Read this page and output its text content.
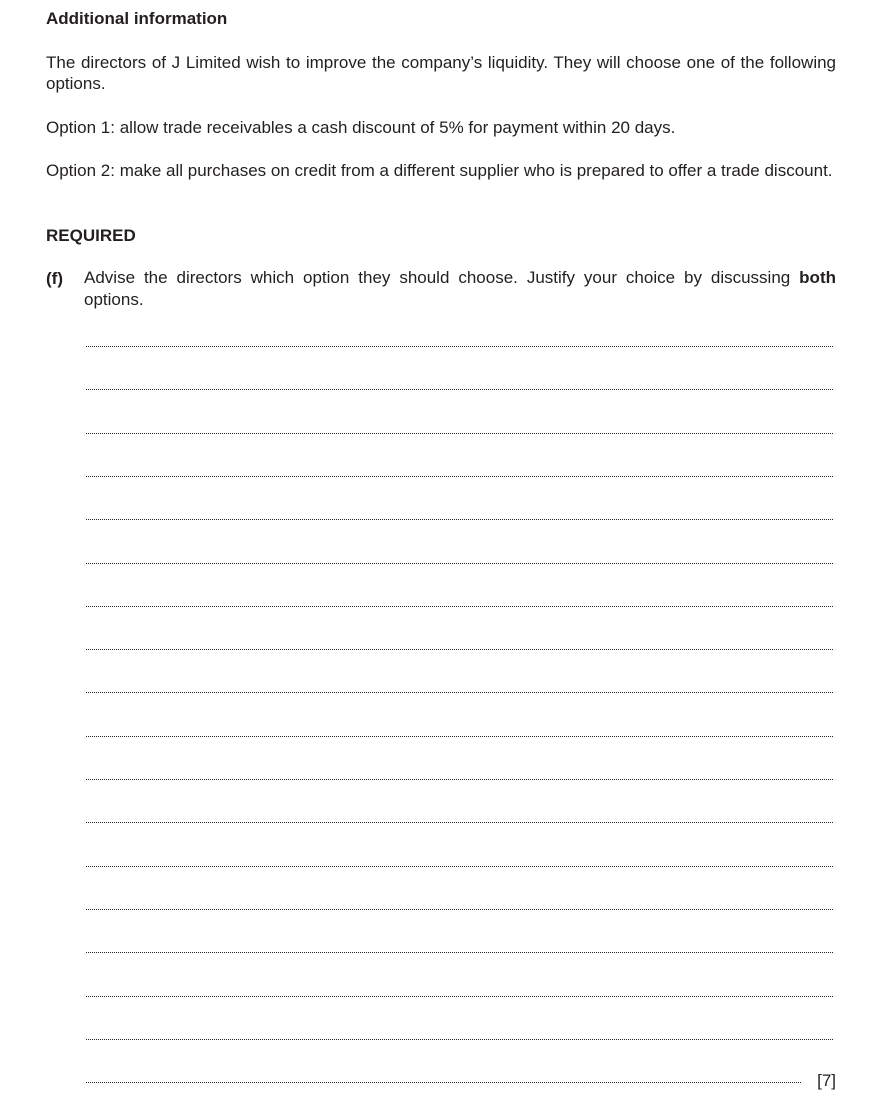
Additional information
The directors of J Limited wish to improve the company’s liquidity. They will choose one of the following options.
Option 1: allow trade receivables a cash discount of 5% for payment within 20 days.
Option 2: make all purchases on credit from a different supplier who is prepared to offer a trade discount.
REQUIRED
(f) Advise the directors which option they should choose. Justify your choice by discussing both options.
[7]
